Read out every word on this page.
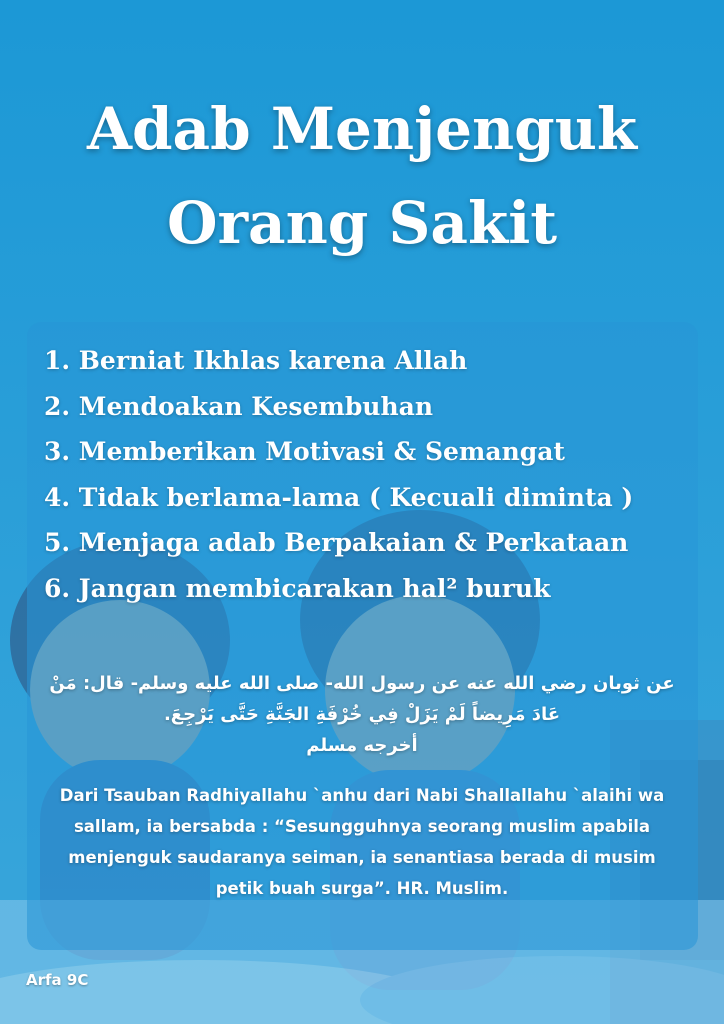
Adab Menjenguk
Orang Sakit
1. Berniat Ikhlas karena Allah
2. Mendoakan Kesembuhan
3. Memberikan Motivasi & Semangat
4. Tidak berlama-lama ( Kecuali diminta )
5. Menjaga adab Berpakaian & Perkataan
6. Jangan membicarakan hal² buruk

عن ثوبان رضي الله عنه عن رسول الله- صلى الله عليه وسلم- قال: مَنْ

عَادَ مَرِيضاً لَمْ يَزَلْ فِي خُرْفَةِ الجَنَّةِ حَتَّى يَرْجِعَ.

أخرجه مسلم

Dari Tsauban Radhiyallahu `anhu dari Nabi Shallallahu `alaihi wa sallam, ia bersabda : “Sesungguhnya seorang muslim apabila menjenguk saudaranya seiman, ia senantiasa berada di musim petik buah surga”. HR. Muslim.
Arfa 9C
